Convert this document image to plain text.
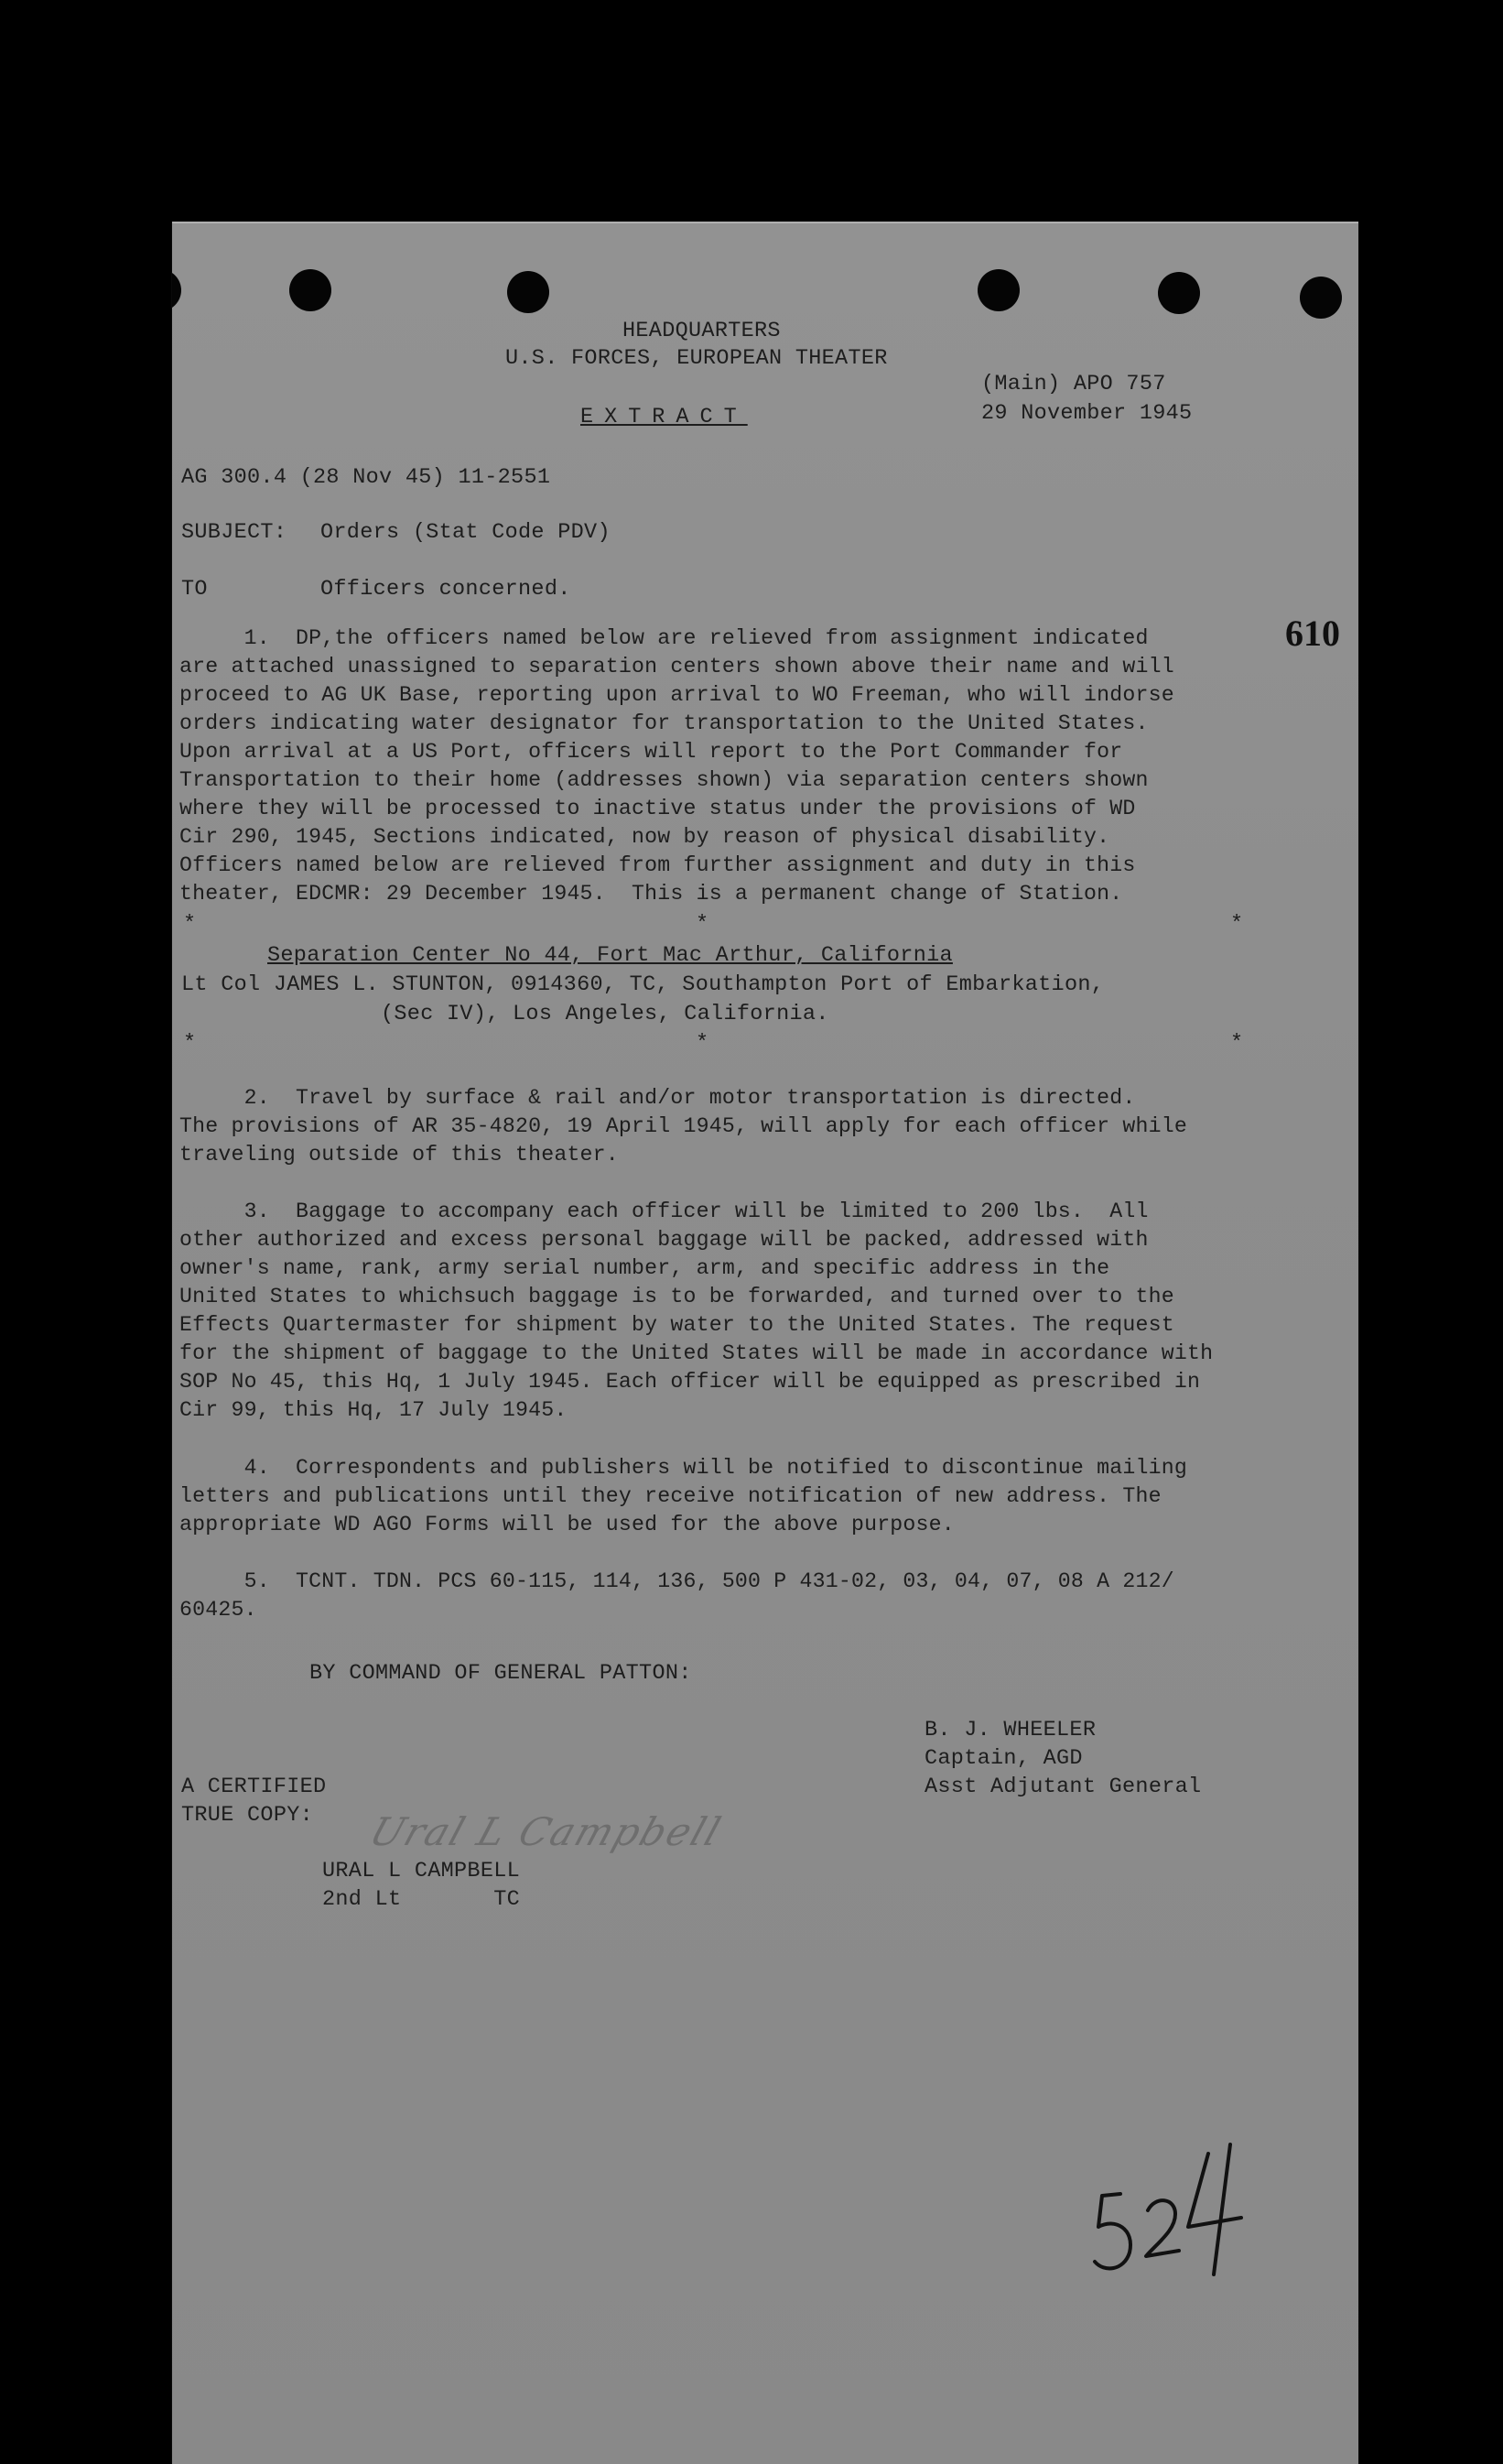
HEADQUARTERS
U.S. FORCES, EUROPEAN THEATER
(Main) APO 757
EXTRACT	29 November 1945
AG 300.4 (28 Nov 45) 11-2551
SUBJECT: Orders (Stat Code PDV)
TO	Officers concerned.
610
1.  DP,the officers named below are relieved from assignment indicated
are attached unassigned to separation centers shown above their name and will
proceed to AG UK Base, reporting upon arrival to WO Freeman, who will indorse
orders indicating water designator for transportation to the United States.
Upon arrival at a US Port, officers will report to the Port Commander for
Transportation to their home (addresses shown) via separation centers shown
where they will be processed to inactive status under the provisions of WD
Cir 290, 1945, Sections indicated, now by reason of physical disability.
Officers named below are relieved from further assignment and duty in this
theater, EDCMR: 29 December 1945.  This is a permanent change of Station.
*	*	*
Separation Center No 44, Fort Mac Arthur, California
Lt Col JAMES L. STUNTON, 0914360, TC, Southampton Port of Embarkation,
(Sec IV), Los Angeles, California.
*	*	*
2.  Travel by surface & rail and/or motor transportation is directed.
The provisions of AR 35-4820, 19 April 1945, will apply for each officer while
traveling outside of this theater.
3.  Baggage to accompany each officer will be limited to 200 lbs.  All
other authorized and excess personal baggage will be packed, addressed with
owner's name, rank, army serial number, arm, and specific address in the
United States to whichsuch baggage is to be forwarded, and turned over to the
Effects Quartermaster for shipment by water to the United States. The request
for the shipment of baggage to the United States will be made in accordance with
SOP No 45, this Hq, 1 July 1945. Each officer will be equipped as prescribed in
Cir 99, this Hq, 17 July 1945.
4.  Correspondents and publishers will be notified to discontinue mailing
letters and publications until they receive notification of new address. The
appropriate WD AGO Forms will be used for the above purpose.
5.  TCNT. TDN. PCS 60-115, 114, 136, 500 P 431-02, 03, 04, 07, 08 A 212/
60425.
BY COMMAND OF GENERAL PATTON:
B. J. WHEELER
Captain, AGD
Asst Adjutant General
A CERTIFIED
TRUE COPY: Ural L Campbell
URAL L CAMPBELL
2nd Lt       TC
